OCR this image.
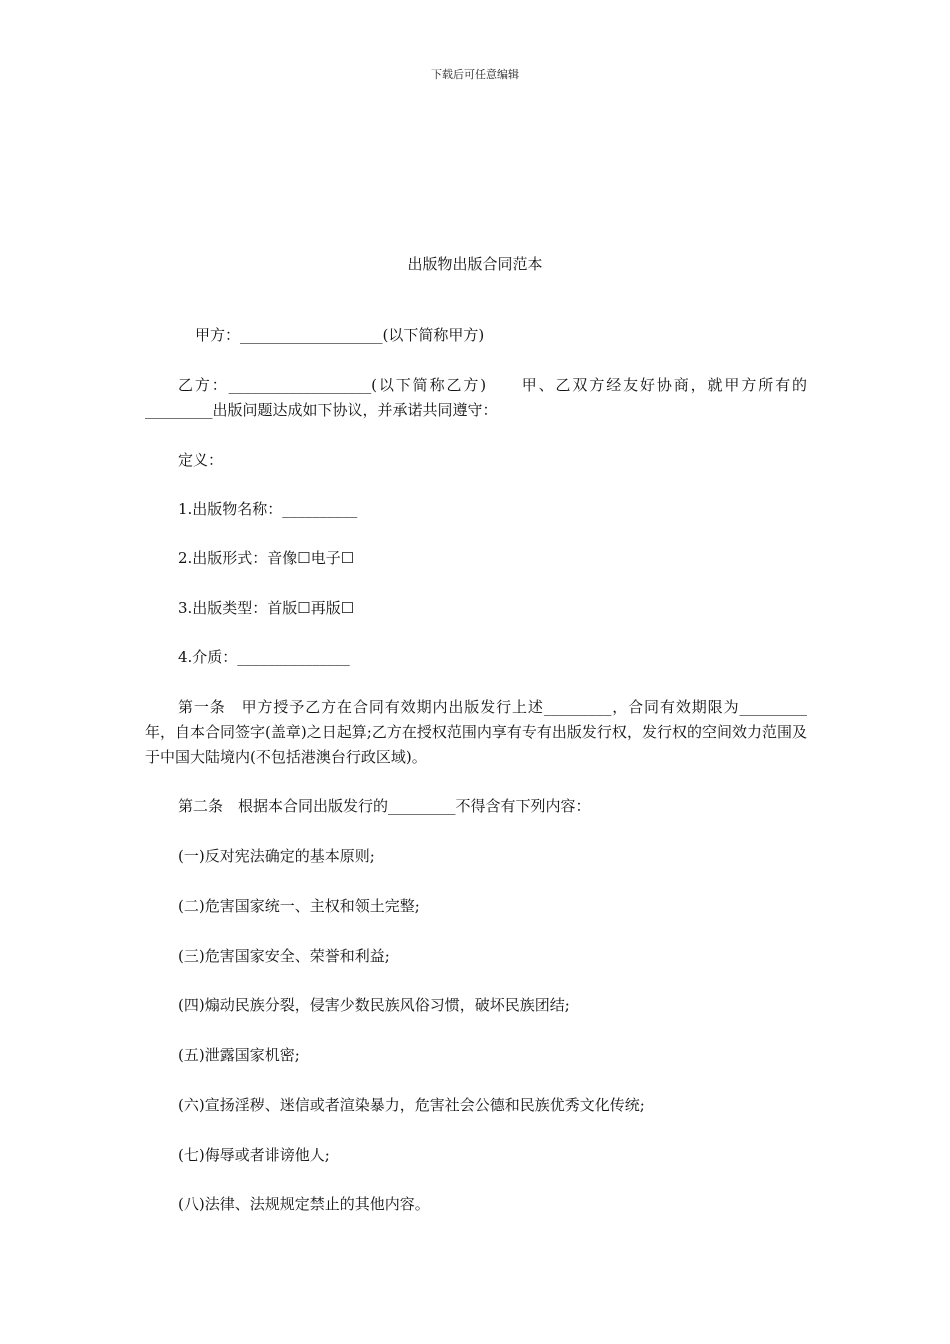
下载后可任意编辑
出版物出版合同范本

甲方：___________________(以下简称甲方)

乙方：___________________(以下简称乙方)　　甲、乙双方经友好协商，就甲方所有的_________出版问题达成如下协议，并承诺共同遵守：

定义：

1.出版物名称：__________

2.出版形式：音像☐电子☐

3.出版类型：首版☐再版☐

4.介质：_______________

第一条　甲方授予乙方在合同有效期内出版发行上述_________，合同有效期限为_________年，自本合同签字(盖章)之日起算;乙方在授权范围内享有专有出版发行权，发行权的空间效力范围及于中国大陆境内(不包括港澳台行政区域)。

第二条　根据本合同出版发行的_________不得含有下列内容：

(一)反对宪法确定的基本原则;

(二)危害国家统一、主权和领土完整;

(三)危害国家安全、荣誉和利益;

(四)煽动民族分裂，侵害少数民族风俗习惯，破坏民族团结;

(五)泄露国家机密;

(六)宣扬淫秽、迷信或者渲染暴力，危害社会公德和民族优秀文化传统;

(七)侮辱或者诽谤他人;

(八)法律、法规规定禁止的其他内容。
